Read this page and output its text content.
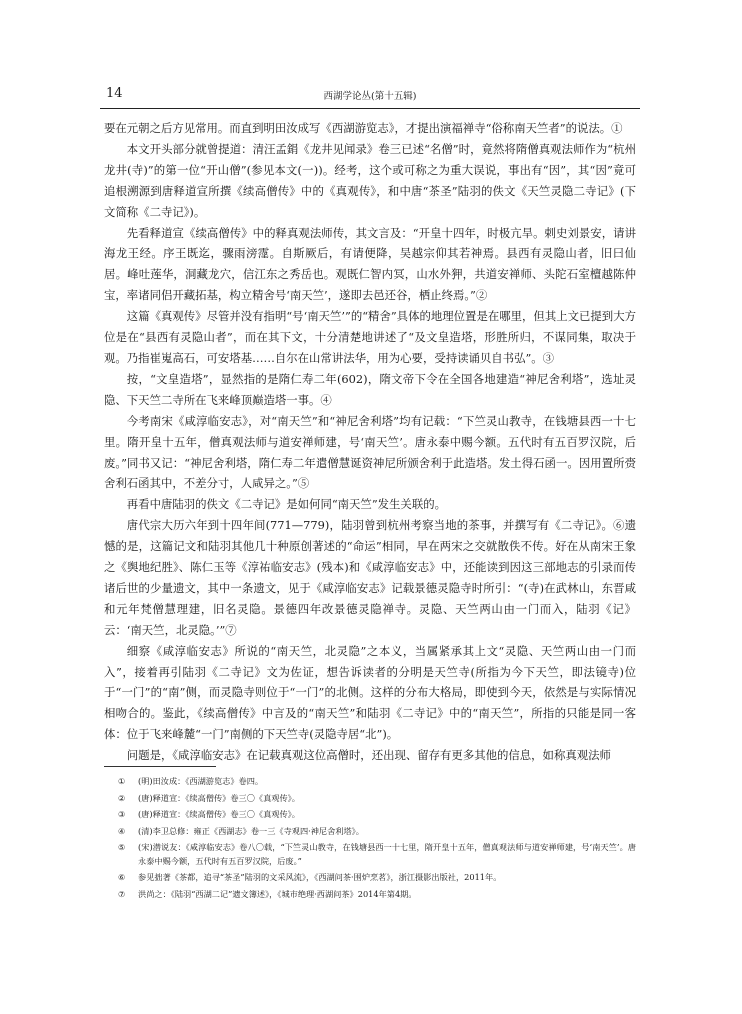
14	西湖学论丛(第十五辑)

要在元朝之后方见常用。而直到明田汝成写《西湖游览志》，才提出演福禅寺“俗称南天竺者”的说法。①

本文开头部分就曾提道：清汪孟鋗《龙井见闻录》卷三已述“名僧”时，竟然将隋僧真观法师作为“杭州龙井(寺)”的第一位“开山僧”(参见本文(一))。经考，这个或可称之为重大误说，事出有“因”，其“因”竟可追根溯源到唐释道宣所撰《续高僧传》中的《真观传》，和中唐“茶圣”陆羽的佚文《天竺灵隐二寺记》(下文简称《二寺记》)。

先看释道宣《续高僧传》中的释真观法师传，其文言及：“开皇十四年，时极亢旱。剌史刘景安，请讲海龙王经。序王既迄，骤雨滂霪。自斯厥后，有请便降，吴越宗仰其若神焉。县西有灵隐山者，旧曰仙居。峰吐莲华，洞藏龙穴，信江东之秀岳也。观既仁智内冥，山水外狎，共道安禅师、头陀石室檀越陈仲宝，率诸同侣开藏拓基，构立精舍号‘南天竺’，遂即去邑还谷，栖止终焉。”②

这篇《真观传》尽管并没有指明“号‘南天竺’”的“精舍”具体的地理位置是在哪里，但其上文已提到大方位是在“县西有灵隐山者”，而在其下文，十分清楚地讲述了“及文皇造塔，形胜所归，不谋同集，取决于观。乃指崔嵬高石，可安塔基……自尔在山常讲法华，用为心要，受持读诵贝自书弘”。③

按，“文皇造塔”，显然指的是隋仁寿二年(602)，隋文帝下令在全国各地建造“神尼舍利塔”，选址灵隐、下天竺二寺所在飞来峰顶巅造塔一事。④

今考南宋《咸淳临安志》，对“南天竺”和“神尼舍利塔”均有记载：“下竺灵山教寺，在钱塘县西一十七里。隋开皇十五年，僧真观法师与道安禅师建，号‘南天竺’。唐永泰中赐今额。五代时有五百罗汉院，后废。”同书又记：“神尼舍利塔，隋仁寿二年遣僧慧诞资神尼所颁舍利于此造塔。发土得石函一。因用置所赍舍利石函其中，不差分寸，人咸异之。”⑤

再看中唐陆羽的佚文《二寺记》是如何同“南天竺”发生关联的。

唐代宗大历六年到十四年间(771—779)，陆羽曾到杭州考察当地的茶事，并撰写有《二寺记》。⑥遗憾的是，这篇记文和陆羽其他几十种原创著述的“命运”相同，早在两宋之交就散佚不传。好在从南宋王象之《舆地纪胜》、陈仁玉等《淳祐临安志》(残本)和《咸淳临安志》中，还能读到因这三部地志的引录而传诸后世的少量遗文，其中一条遗文，见于《咸淳临安志》记载景德灵隐寺时所引：“(寺)在武林山，东晋咸和元年梵僧慧理建，旧名灵隐。景德四年改景德灵隐禅寺。灵隐、天竺两山由一门而入，陆羽《记》云：‘南天竺，北灵隐。’”⑦

细察《咸淳临安志》所说的“南天竺，北灵隐”之本义，当属紧承其上文“灵隐、天竺两山由一门而入”，接着再引陆羽《二寺记》文为佐证，想告诉读者的分明是天竺寺(所指为今下天竺，即法镜寺)位于“一门”的“南”侧，而灵隐寺则位于“一门”的北侧。这样的分布大格局，即使到今天，依然是与实际情况相吻合的。鉴此，《续高僧传》中言及的“南天竺”和陆羽《二寺记》中的“南天竺”，所指的只能是同一客体：位于飞来峰麓“一门”南侧的下天竺寺(灵隐寺居“北”)。

问题是，《咸淳临安志》在记载真观这位高僧时，还出现、留存有更多其他的信息，如称真观法师

①	(明)田汝成：《西湖游览志》卷四。
②	(唐)释道宣：《续高僧传》卷三〇《真观传》。
③	(唐)释道宣：《续高僧传》卷三〇《真观传》。
④	(清)李卫总修：雍正《西湖志》卷一三《寺观四·神尼舍利塔》。
⑤	(宋)潜说友：《咸淳临安志》卷八〇载，“下竺灵山教寺，在钱塘县西一十七里，隋开皇十五年，僧真观法师与道安禅师建，号‘南天竺’。唐永泰中赐今额，五代时有五百罗汉院，后废。”
⑥	参见拙著《茶都，追寻“茶圣”陆羽的文采风流》，《西湖问茶·围炉烹茗》，浙江摄影出版社，2011年。
⑦	洪尚之：《陆羽“西湖二记”遗文簿述》，《城市绝理·西湖问茶》2014年第4期。
